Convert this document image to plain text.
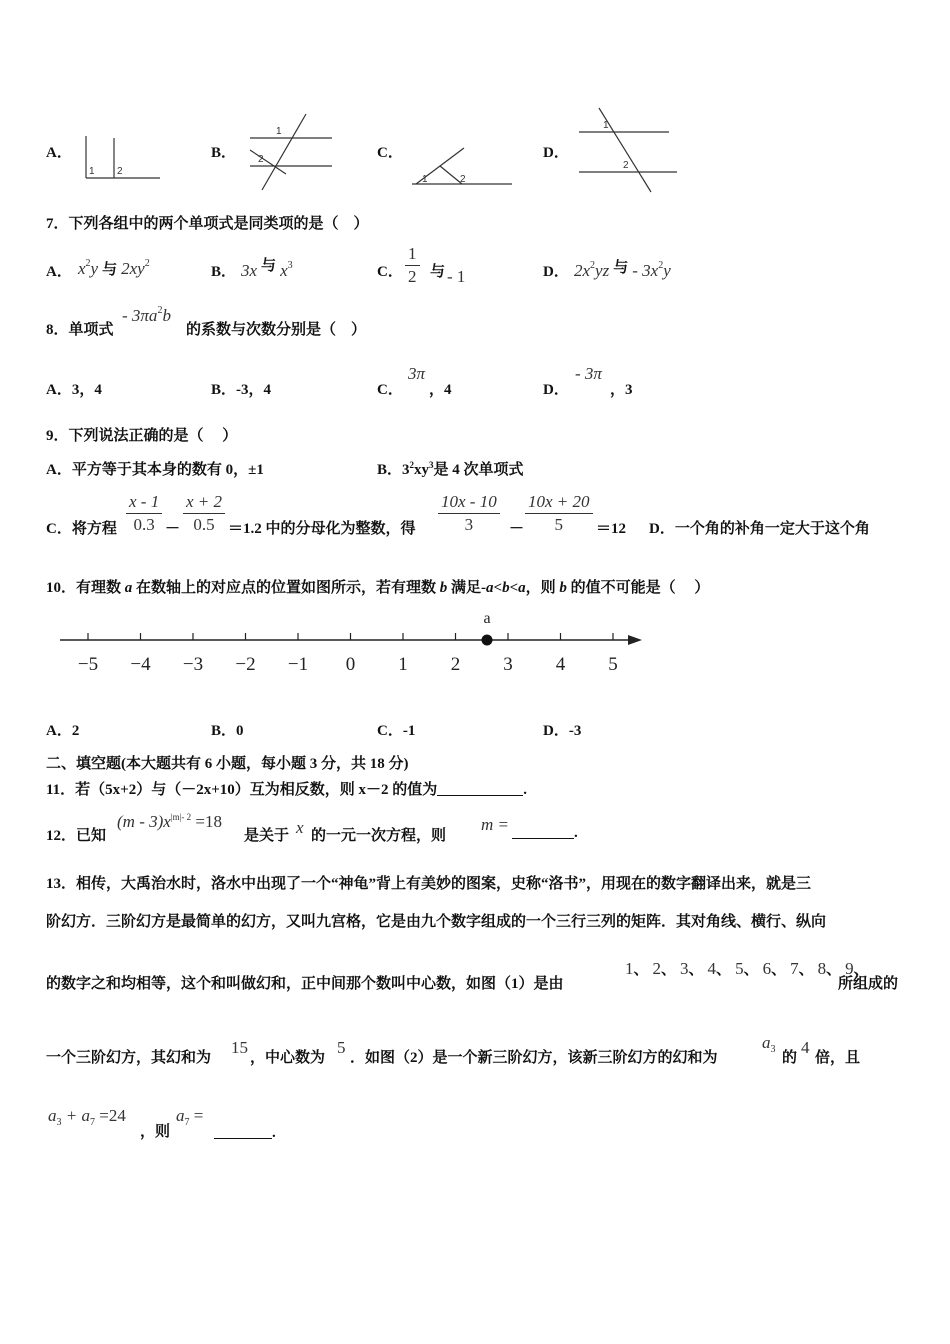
A．
1 2
B．
1
2	C．
1	2
D．
1
2
7．下列各组中的两个单项式是同类项的是（　）
A． $x^2y$ 与 $2xy^2$
B． 3x 与 $x^3$	C． $\frac{1}{2}$ 与 - 1	D． $2x^2yz$ 与 - $3x^2y$
8．单项式
- $3\pi a^2b$
的系数与次数分别是（　）
A．3，4	B．-3，4	C．
3π
，4	D．
- 3π
，3
9．下列说法正确的是（　 ）
A．平方等于其本身的数有 0，±1	B．$3^2xy^3$是 4 次单项式
C．将方程 $\frac{x - 1}{0.3} - \frac{x + 2}{0.5} =1.2$ 中的分母化为整数，得 $\frac{10x - 10}{3} - \frac{10x + 20}{5} =12$ D．一个角的补角一定大于这个角
10．有理数 a 在数轴上的对应点的位置如图所示，若有理数 b 满足-a<b<a，则 b 的值不可能是（　 ）
−5 −4 −3 −2 −1 0 1 2 3 4 5
a
A．2	B．0	C．-1	D．-3
二、填空题(本大题共有 6 小题，每小题 3 分，共 18 分)
11．若（5x+2）与（－2x+10）互为相反数，则 x－2 的值为	.
12．已知
$(m - 3)x^{|m|- 2} =18$
是关于 x 的一元一次方程，则
m =	.
13．相传，大禹治水时，洛水中出现了一个“神龟”背上有美妙的图案，史称“洛书”，用现在的数字翻译出来，就是三
阶幻方．三阶幻方是最简单的幻方，又叫九宫格，它是由九个数字组成的一个三行三列的矩阵．其对角线、横行、纵向
的数字之和均相等，这个和叫做幻和，正中间那个数叫中心数，如图（1）是由
1、 2、 3、 4、 5、 6、 7、 8、 9、
所组成的
一个三阶幻方，其幻和为
15
，中心数为
5
．如图（2）是一个新三阶幻方，该新三阶幻方的幻和为
$a_3$
的
4
倍，且
$a_3 + a_7 =24$
，则
$a_7$ =
.
